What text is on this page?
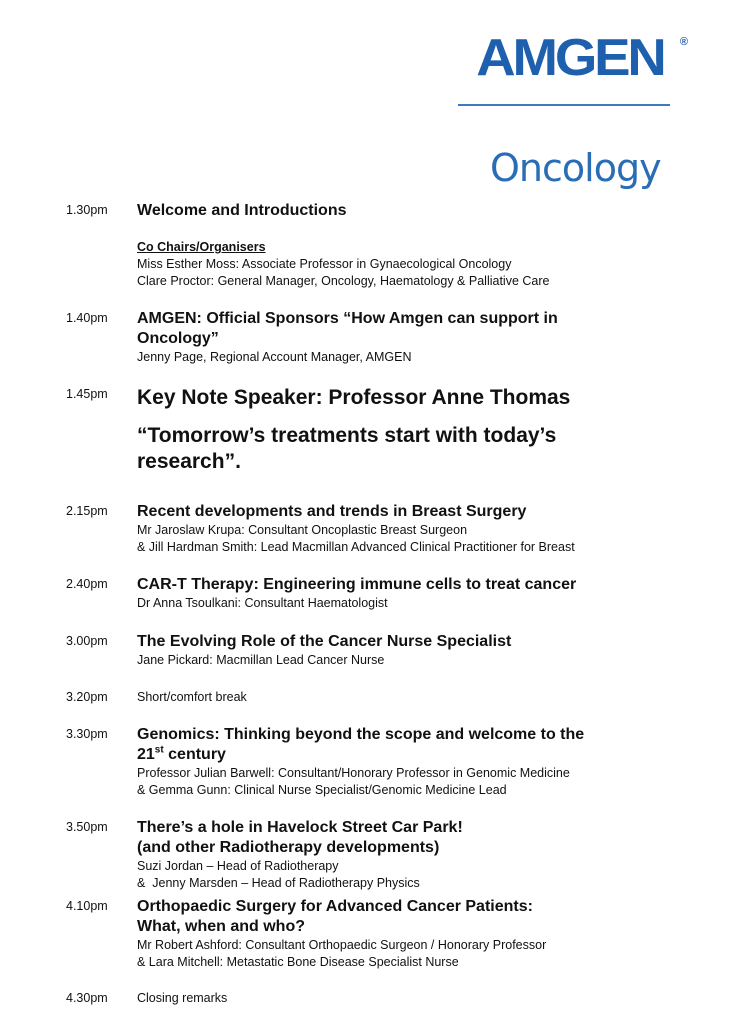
AMGEN	®
Oncology
1.30pm Welcome and Introductions

Co Chairs/Organisers

Miss Esther Moss: Associate Professor in Gynaecological Oncology

Clare Proctor: General Manager, Oncology, Haematology & Palliative Care

1.40pm AMGEN: Official Sponsors “How Amgen can support in

Oncology”

Jenny Page, Regional Account Manager, AMGEN

1.45pm Key Note Speaker: Professor Anne Thomas

“Tomorrow’s treatments start with today’s

research”.

2.15pm Recent developments and trends in Breast Surgery

Mr Jaroslaw Krupa: Consultant Oncoplastic Breast Surgeon

& Jill Hardman Smith: Lead Macmillan Advanced Clinical Practitioner for Breast

2.40pm CAR-T Therapy: Engineering immune cells to treat cancer

Dr Anna Tsoulkani: Consultant Haematologist

3.00pm The Evolving Role of the Cancer Nurse Specialist

Jane Pickard: Macmillan Lead Cancer Nurse

3.20pm Short/comfort break

3.30pm Genomics: Thinking beyond the scope and welcome to the

21st century

Professor Julian Barwell: Consultant/Honorary Professor in Genomic Medicine

& Gemma Gunn: Clinical Nurse Specialist/Genomic Medicine Lead

3.50pm There’s a hole in Havelock Street Car Park!

(and other Radiotherapy developments)

Suzi Jordan – Head of Radiotherapy

&  Jenny Marsden – Head of Radiotherapy Physics

4.10pm Orthopaedic Surgery for Advanced Cancer Patients:

What, when and who?

Mr Robert Ashford: Consultant Orthopaedic Surgeon / Honorary Professor

& Lara Mitchell: Metastatic Bone Disease Specialist Nurse

4.30pm Closing remarks
